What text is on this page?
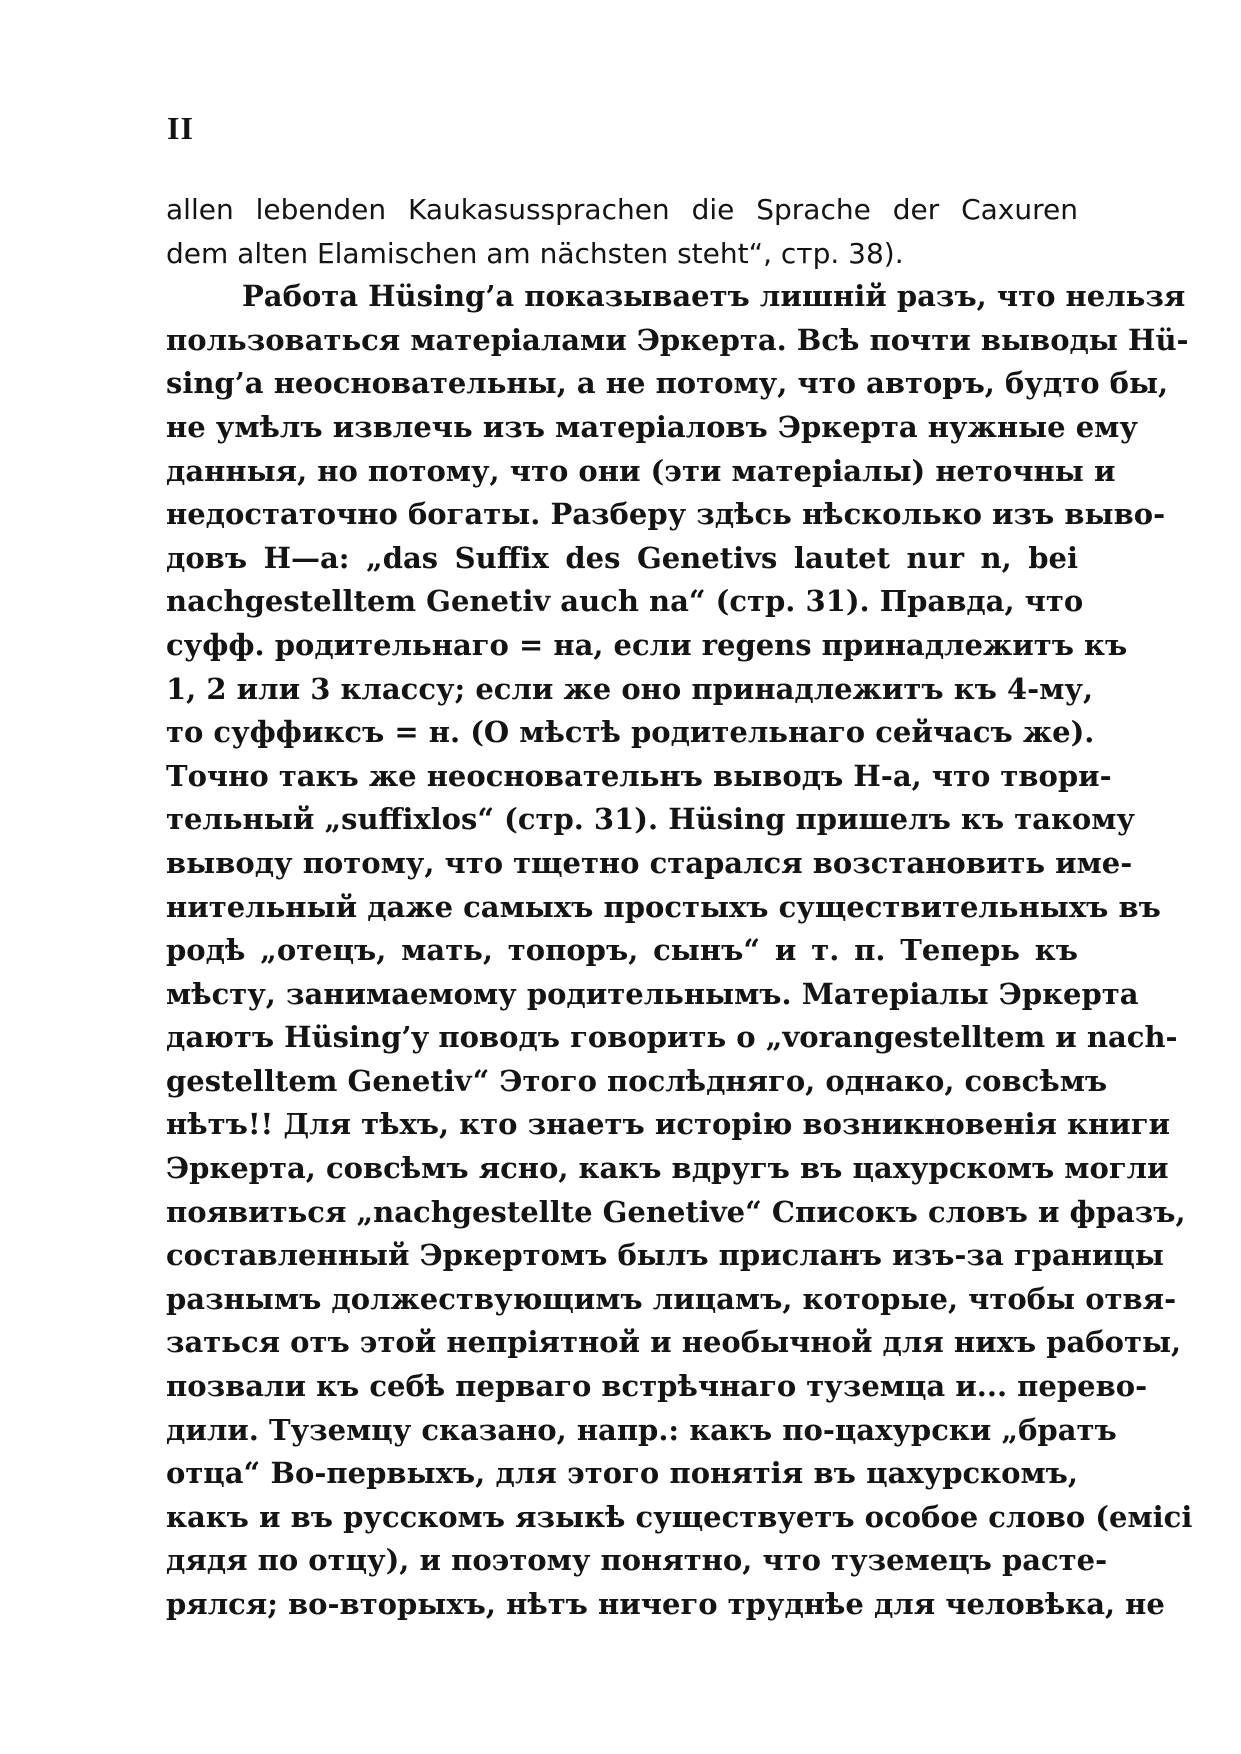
II
allen lebenden Kaukasussprachen die Sprache der Caxuren
dem alten Elamischen am nächsten steht“, стр. 38).
Работа Hüsing’a показываетъ лишній разъ, что нельзя
пользоваться матеріалами Эркерта. Всѣ почти выводы Hü-
sing’a неосновательны, а не потому, что авторъ, будто бы,
не умѣлъ извлечь изъ матеріаловъ Эркерта нужные ему
данныя, но потому, что они (эти матеріалы) неточны и
недостаточно богаты. Разберу здѣсь нѣсколько изъ выво-
довъ Н—а: „das Suffix des Genetivs lautet nur n, bei
nachgestelltem Genetiv auch na“ (стр. 31). Правда, что
суфф. родительнаго = на, если regens принадлежитъ къ
1, 2 или 3 классу; если же оно принадлежитъ къ 4-му,
то суффиксъ = н. (О мѣстѣ родительнаго сейчасъ же).
Точно такъ же неосновательнъ выводъ Н-а, что твори-
тельный „suffixlos“ (стр. 31). Hüsing пришелъ къ такому
выводу потому, что тщетно старался возстановить име-
нительный даже самыхъ простыхъ существительныхъ въ
родѣ „отецъ, мать, топоръ, сынъ“ и т. п. Теперь къ
мѣсту, занимаемому родительнымъ. Матеріалы Эркерта
даютъ Hüsing’y поводъ говорить о „vorangestelltem и nach-
gestelltem Genetiv“ Этого послѣдняго, однако, совсѣмъ
нѣтъ!! Для тѣхъ, кто знаетъ исторію возникновенія книги
Эркерта, совсѣмъ ясно, какъ вдругъ въ цахурскомъ могли
появиться „nachgestellte Genetive“ Списокъ словъ и фразъ,
составленный Эркертомъ былъ присланъ изъ-за границы
разнымъ должествующимъ лицамъ, которые, чтобы отвя-
заться отъ этой непріятной и необычной для нихъ работы,
позвали къ себѣ перваго встрѣчнаго туземца и... перево-
дили. Туземцу сказано, напр.: какъ по-цахурски „братъ
отца“ Во-первыхъ, для этого понятія въ цахурскомъ,
какъ и въ русскомъ языкѣ существуетъ особое слово (емісі
дядя по отцу), и поэтому понятно, что туземецъ расте-
рялся; во-вторыхъ, нѣтъ ничего труднѣе для человѣка, не
